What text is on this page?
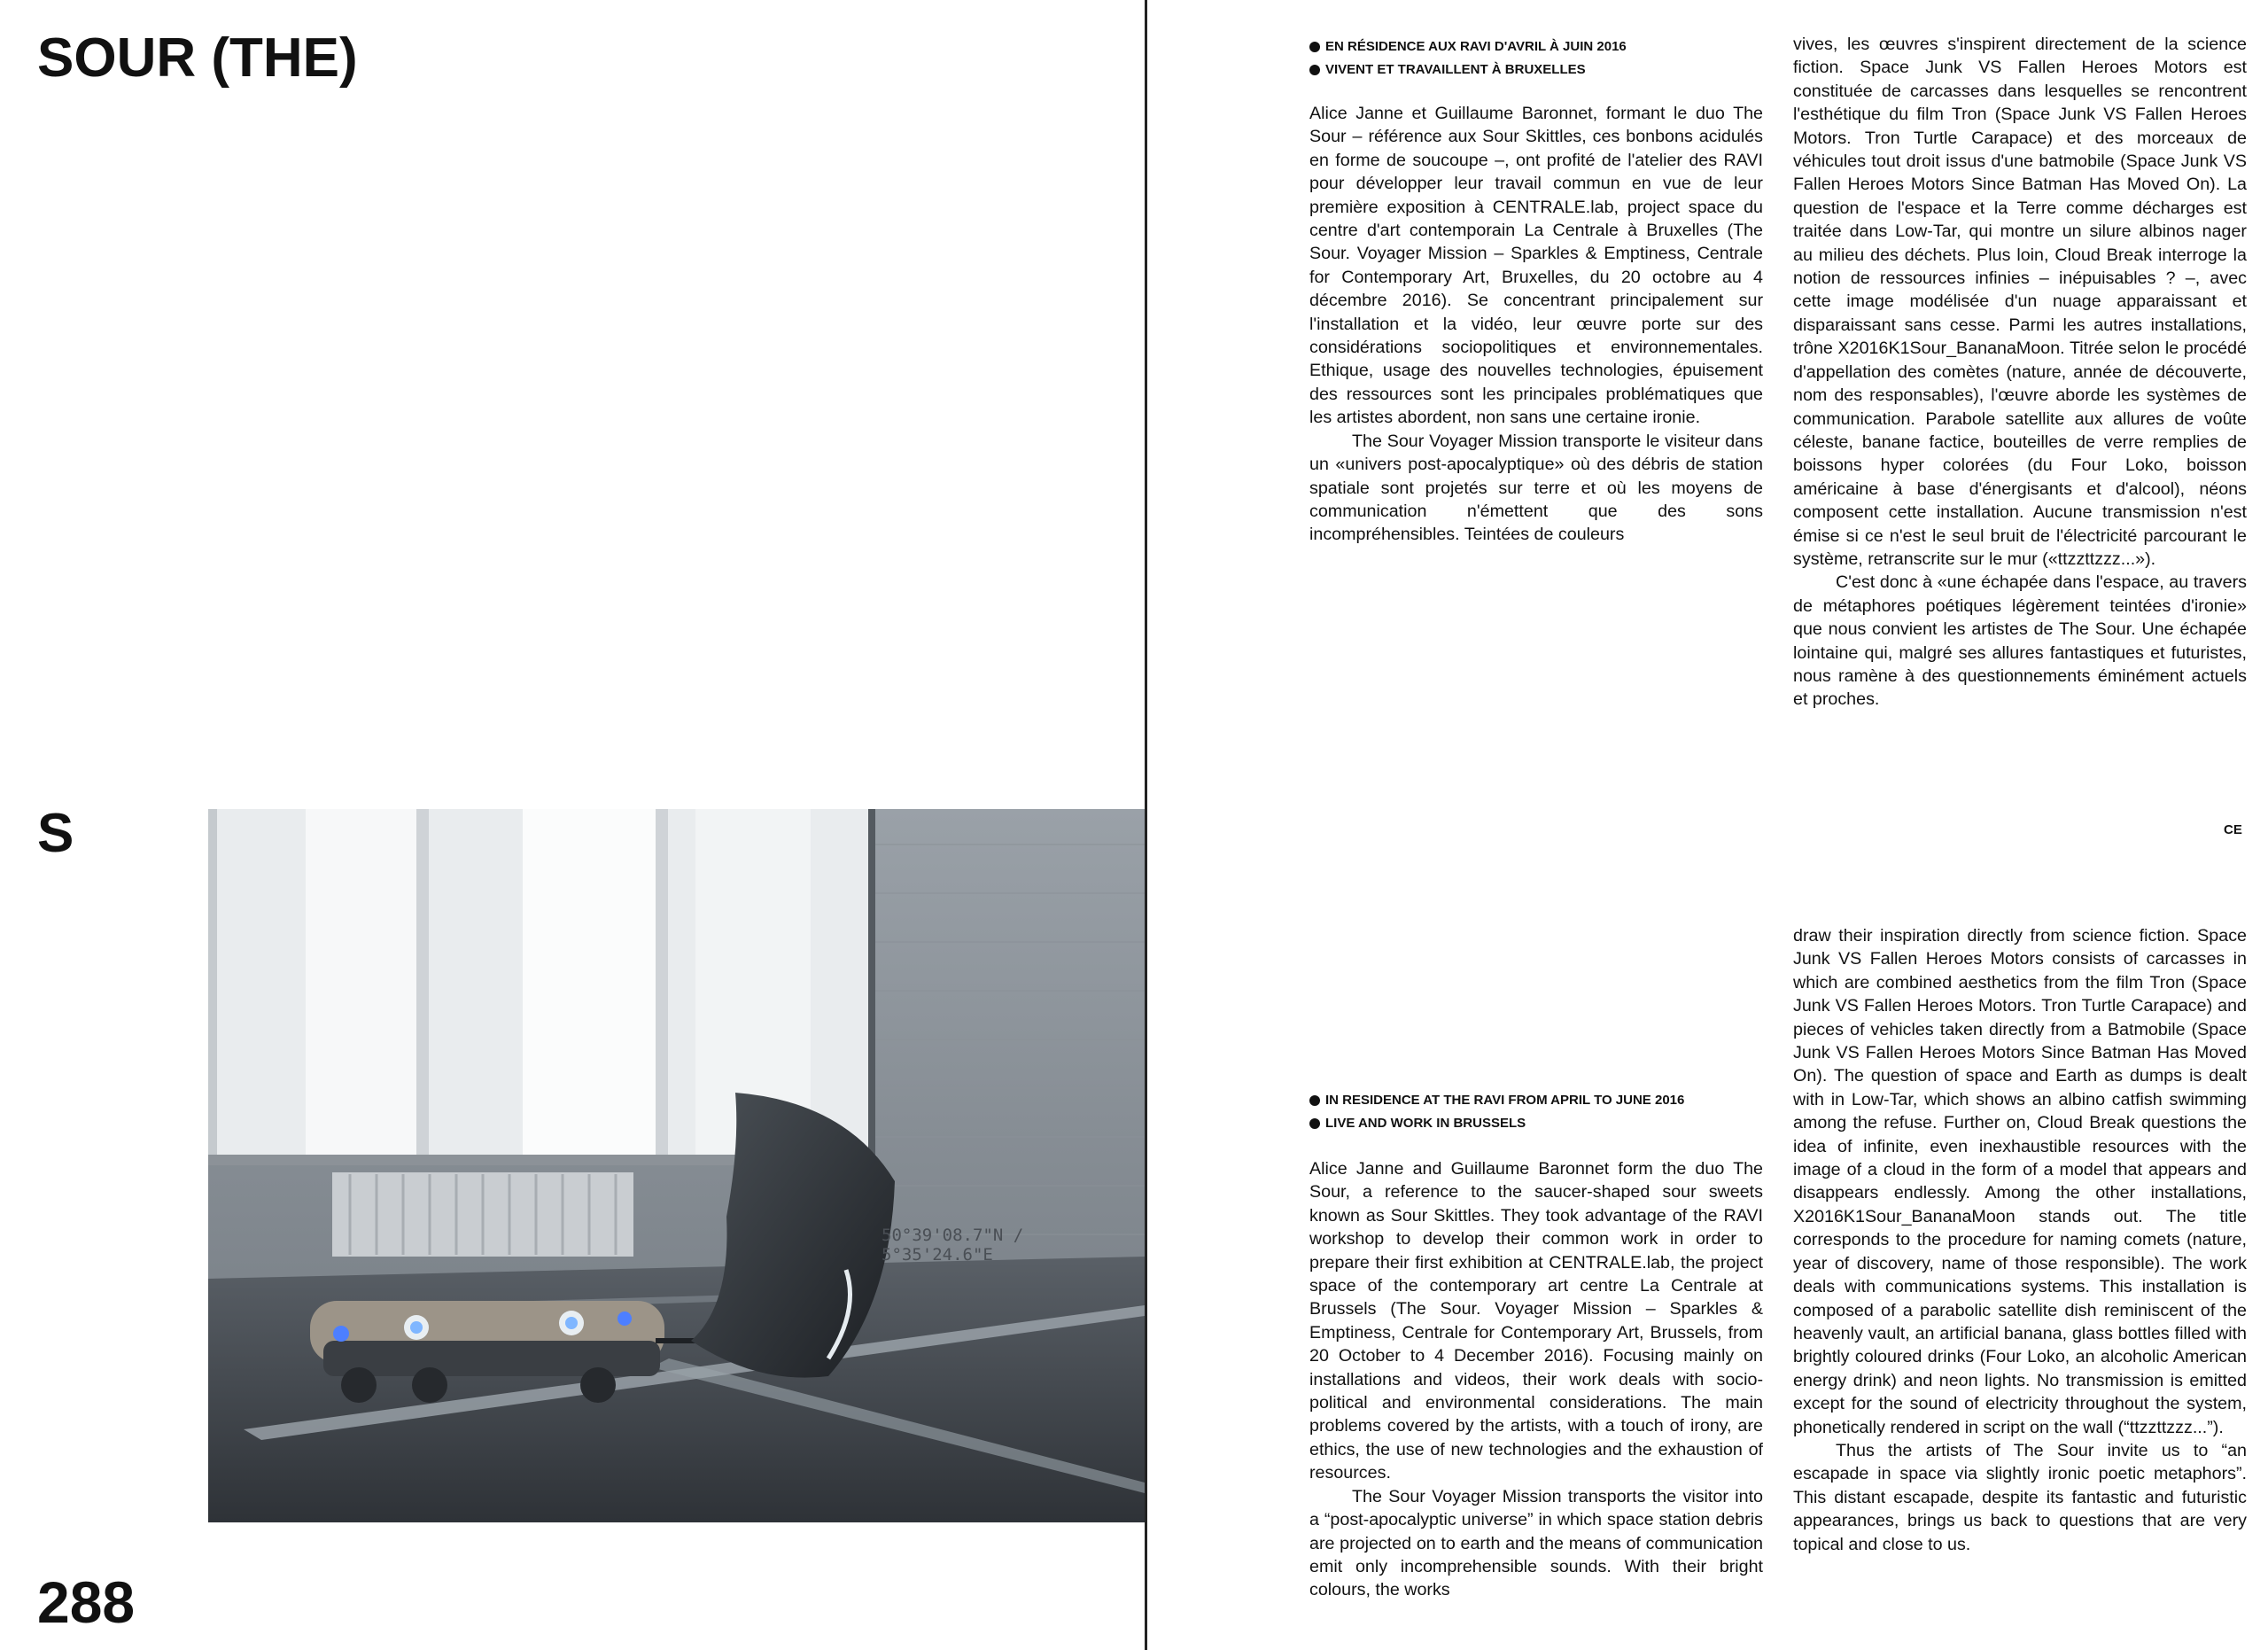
SOUR (THE)
S
288
50°39'08.7"N / 5°35'24.6"E
EN RÉSIDENCE AUX RAVI D'AVRIL À JUIN 2016
VIVENT ET TRAVAILLENT À BRUXELLES

Alice Janne et Guillaume Baronnet, formant le duo The Sour – référence aux Sour Skittles, ces bonbons acidulés en forme de soucoupe –, ont profité de l'atelier des RAVI pour développer leur travail commun en vue de leur première exposition à CENTRALE.lab, project space du centre d'art contemporain La Centrale à Bruxelles (The Sour. Voyager Mission – Sparkles & Emptiness, Centrale for Contemporary Art, Bruxelles, du 20 octobre au 4 décembre 2016). Se concentrant principalement sur l'installation et la vidéo, leur œuvre porte sur des considérations sociopolitiques et environnementales. Ethique, usage des nouvelles technologies, épuisement des ressources sont les principales problématiques que les artistes abordent, non sans une certaine ironie.

The Sour Voyager Mission transporte le visiteur dans un «univers post-apocalyptique» où des débris de station spatiale sont projetés sur terre et où les moyens de communication n'émettent que des sons incompréhensibles. Teintées de couleurs

vives, les œuvres s'inspirent directement de la science fiction. Space Junk VS Fallen Heroes Motors est constituée de carcasses dans lesquelles se rencontrent l'esthétique du film Tron (Space Junk VS Fallen Heroes Motors. Tron Turtle Carapace) et des morceaux de véhicules tout droit issus d'une batmobile (Space Junk VS Fallen Heroes Motors Since Batman Has Moved On). La question de l'espace et la Terre comme décharges est traitée dans Low-Tar, qui montre un silure albinos nager au milieu des déchets. Plus loin, Cloud Break interroge la notion de ressources infinies – inépuisables ? –, avec cette image modélisée d'un nuage apparaissant et disparaissant sans cesse. Parmi les autres installations, trône X2016K1Sour_BananaMoon. Titrée selon le procédé d'appellation des comètes (nature, année de découverte, nom des responsables), l'œuvre aborde les systèmes de communication. Parabole satellite aux allures de voûte céleste, banane factice, bouteilles de verre remplies de boissons hyper colorées (du Four Loko, boisson américaine à base d'énergisants et d'alcool), néons composent cette installation. Aucune transmission n'est émise si ce n'est le seul bruit de l'électricité parcourant le système, retranscrite sur le mur («ttzzttzzz...»).

C'est donc à «une échapée dans l'espace, au travers de métaphores poétiques légèrement teintées d'ironie» que nous convient les artistes de The Sour. Une échapée lointaine qui, malgré ses allures fantastiques et futuristes, nous ramène à des questionnements éminément actuels et proches.

CE
IN RESIDENCE AT THE RAVI FROM APRIL TO JUNE 2016
LIVE AND WORK IN BRUSSELS

Alice Janne and Guillaume Baronnet form the duo The Sour, a reference to the saucer-shaped sour sweets known as Sour Skittles. They took advantage of the RAVI workshop to develop their common work in order to prepare their first exhibition at CENTRALE.lab, the project space of the contemporary art centre La Centrale at Brussels (The Sour. Voyager Mission – Sparkles & Emptiness, Centrale for Contemporary Art, Brussels, from 20 October to 4 December 2016). Focusing mainly on installations and videos, their work deals with socio-political and environmental considerations. The main problems covered by the artists, with a touch of irony, are ethics, the use of new technologies and the exhaustion of resources.

The Sour Voyager Mission transports the visitor into a “post-apocalyptic universe” in which space station debris are projected on to earth and the means of communication emit only incomprehensible sounds. With their bright colours, the works

draw their inspiration directly from science fiction. Space Junk VS Fallen Heroes Motors consists of carcasses in which are combined aesthetics from the film Tron (Space Junk VS Fallen Heroes Motors. Tron Turtle Carapace) and pieces of vehicles taken directly from a Batmobile (Space Junk VS Fallen Heroes Motors Since Batman Has Moved On). The question of space and Earth as dumps is dealt with in Low-Tar, which shows an albino catfish swimming among the refuse. Further on, Cloud Break questions the idea of infinite, even inexhaustible resources with the image of a cloud in the form of a model that appears and disappears endlessly. Among the other installations, X2016K1Sour_BananaMoon stands out. The title corresponds to the procedure for naming comets (nature, year of discovery, name of those responsible). The work deals with communications systems. This installation is composed of a parabolic satellite dish reminiscent of the heavenly vault, an artificial banana, glass bottles filled with brightly coloured drinks (Four Loko, an alcoholic American energy drink) and neon lights. No transmission is emitted except for the sound of electricity throughout the system, phonetically rendered in script on the wall (“ttzzttzzz...”).

Thus the artists of The Sour invite us to “an escapade in space via slightly ironic poetic metaphors”. This distant escapade, despite its fantastic and futuristic appearances, brings us back to questions that are very topical and close to us.
